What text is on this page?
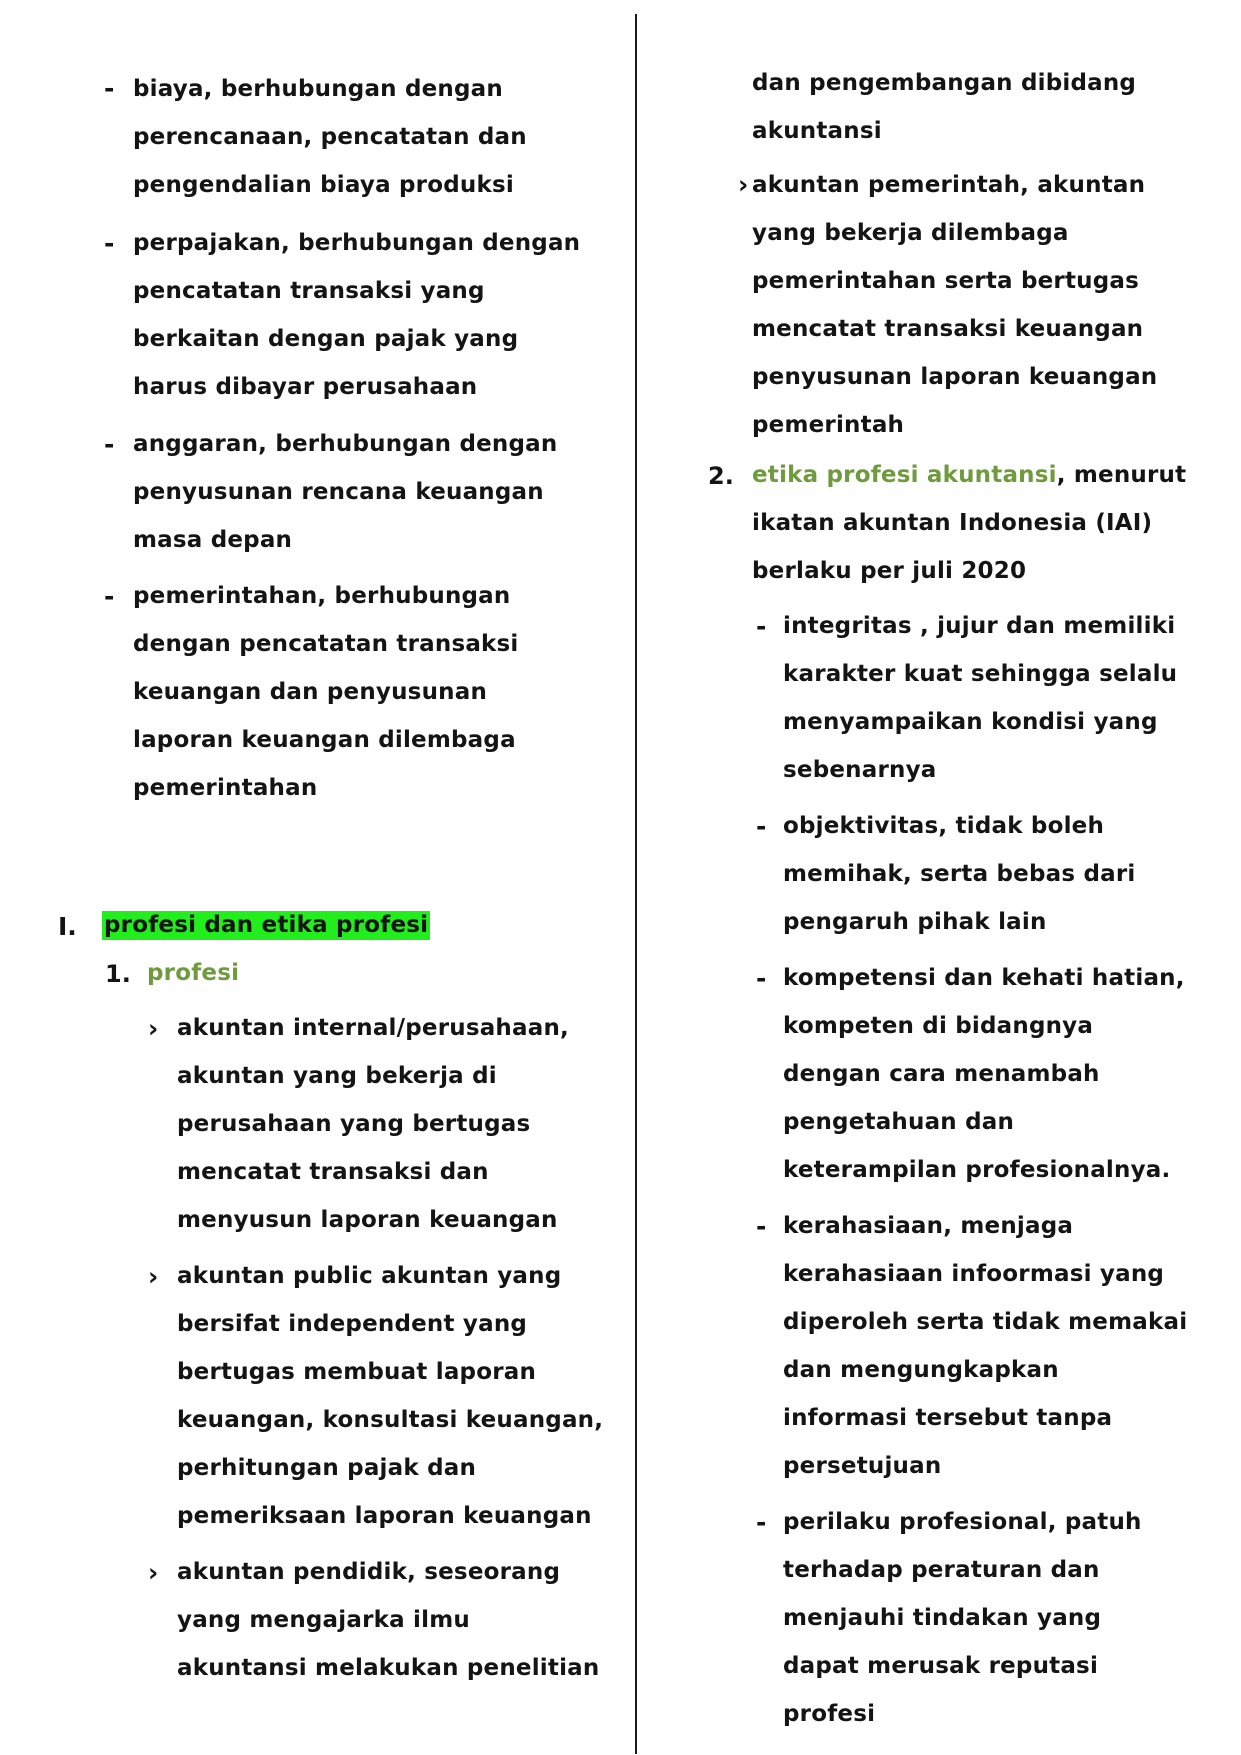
- biaya, berhubungan dengan
perencanaan, pencatatan dan
pengendalian biaya produksi
- perpajakan, berhubungan dengan
pencatatan transaksi yang
berkaitan dengan pajak yang
harus dibayar perusahaan
- anggaran, berhubungan dengan
penyusunan rencana keuangan
masa depan
- pemerintahan, berhubungan
dengan pencatatan transaksi
keuangan dan penyusunan
laporan keuangan dilembaga
pemerintahan
I. profesi dan etika profesi
1. profesi
› akuntan internal/perusahaan,
akuntan yang bekerja di
perusahaan yang bertugas
mencatat transaksi dan
menyusun laporan keuangan
› akuntan public akuntan yang
bersifat independent yang
bertugas membuat laporan
keuangan, konsultasi keuangan,
perhitungan pajak dan
pemeriksaan laporan keuangan
› akuntan pendidik, seseorang
yang mengajarka ilmu
akuntansi melakukan penelitian
dan pengembangan dibidang
akuntansi
› akuntan pemerintah, akuntan
yang bekerja dilembaga
pemerintahan serta bertugas
mencatat transaksi keuangan
penyusunan laporan keuangan
pemerintah
2. etika profesi akuntansi, menurut
ikatan akuntan Indonesia (IAI)
berlaku per juli 2020
- integritas , jujur dan memiliki
karakter kuat sehingga selalu
menyampaikan kondisi yang
sebenarnya
- objektivitas, tidak boleh
memihak, serta bebas dari
pengaruh pihak lain
- kompetensi dan kehati hatian,
kompeten di bidangnya
dengan cara menambah
pengetahuan dan
keterampilan profesionalnya.
- kerahasiaan, menjaga
kerahasiaan infoormasi yang
diperoleh serta tidak memakai
dan mengungkapkan
informasi tersebut tanpa
persetujuan
- perilaku profesional, patuh
terhadap peraturan dan
menjauhi tindakan yang
dapat merusak reputasi
profesi
